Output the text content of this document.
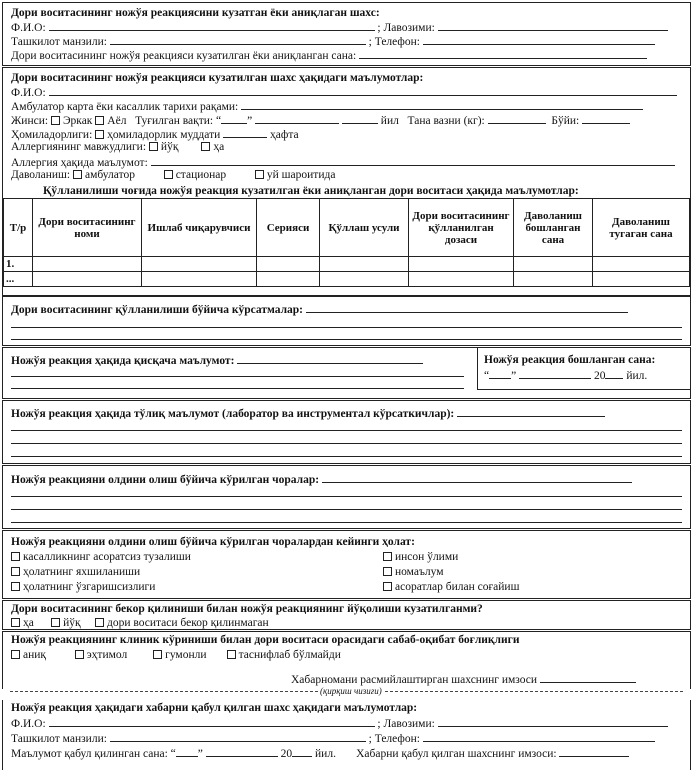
Дори воситасининг ножўя реакциясини кузатган ёки аниқлаган шахс:
Ф.И.О:	; Лавозими:
Ташкилот манзили:	; Телефон:
Дори воситасининг ножўя реакцияси кузатилган ёки аниқланган сана:
Дори воситасининг ножўя реакцияси кузатилган шахс ҳақидаги маълумотлар:
Ф.И.О:
Амбулатор карта ёки касаллик тарихи рақами:
Жинси: Эркак Аёл Туғилган вақти: “ ”	йил Тана вазни (кг):	Бўйи:
Ҳомиладорлиги: ҳомиладорлик муддати	ҳафта
Аллергиянинг мавжудлиги: йўқ	ҳа
Аллергия ҳақида маълумот:
Даволаниш: амбулатор	стационар	уй шароитида
Қўлланилиши чоғида ножўя реакция кузатилган ёки аниқланган дори воситаси ҳақида маълумотлар:
Т/р	Дори воситасининг номи	Ишлаб чиқарувчиси	Серияси	Қўллаш усули	Дори воситасининг қўлланилган дозаси	Даволаниш бошланган сана	Даволаниш тугаган сана
1.							
...							
Дори воситасининг қўлланилиши бўйича кўрсатмалар:
Ножўя реакция ҳақида қисқача маълумот:	Ножўя реакция бошланган сана:
“ ”	20 йил.
Ножўя реакция ҳақида тўлиқ маълумот (лаборатор ва инструментал кўрсаткичлар):
Ножўя реакцияни олдини олиш бўйича кўрилган чоралар:
Ножўя реакцияни олдини олиш бўйича кўрилган чоралардан кейинги ҳолат:
касалликнинг асоратсиз тузалиши
ҳолатнинг яхшиланиши
ҳолатнинг ўзгаришсизлиги
инсон ўлими
номаълум
асоратлар билан соғайиш
Дори воситасининг бекор қилиниши билан ножўя реакциянинг йўқолиши кузатилганми?
ҳа	йўқ дори воситаси бекор қилинмаган
Ножўя реакциянинг клиник кўриниши билан дори воситаси орасидаги сабаб-оқибат боғлиқлиги
аниқ	эҳтимол	гумонли	таснифлаб бўлмайди
Хабарномани расмийлаштирган шахснинг имзоси
(қирқиш чизиғи)
Ножўя реакция ҳақидаги хабарни қабул қилган шахс ҳақидаги маълумотлар:
Ф.И.О:	; Лавозими:
Ташкилот манзили:	; Телефон:
Маълумот қабул қилинган сана: “ ”	20 йил. Хабарни қабул қилган шахснинг имзоси:
